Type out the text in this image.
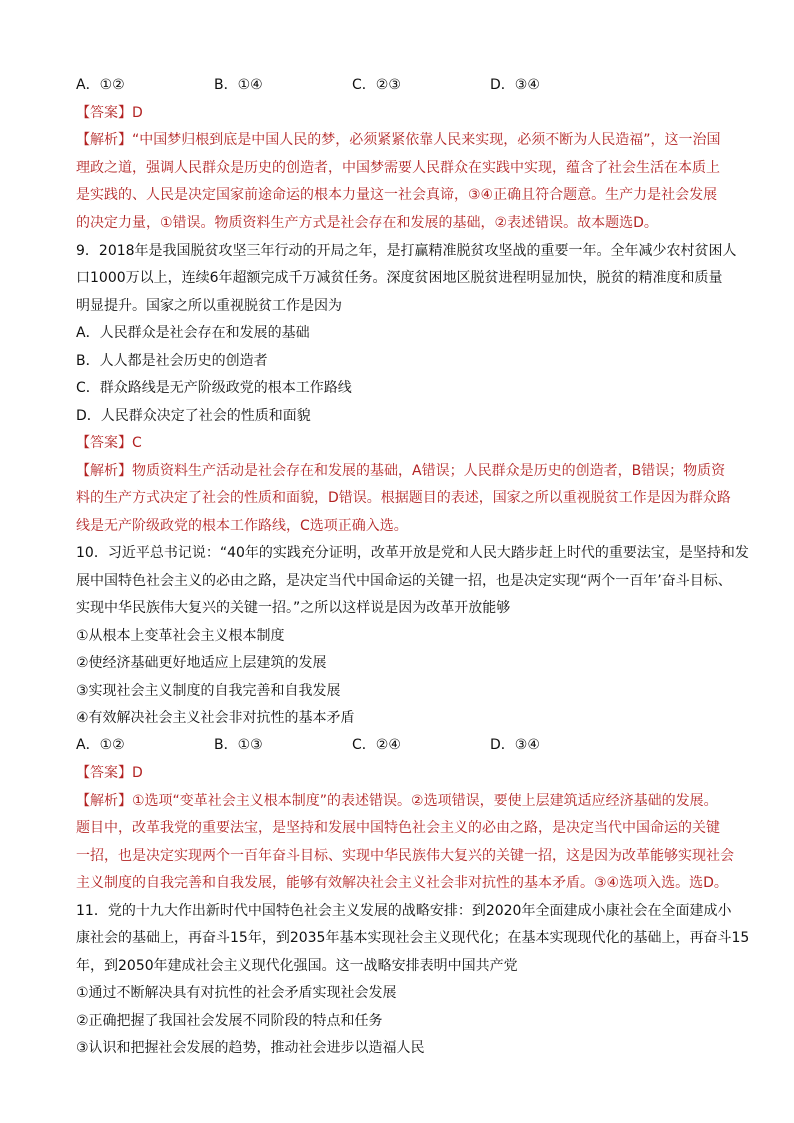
A．①②	B．①④	C．②③	D．③④
【答案】D
【解析】“中国梦归根到底是中国人民的梦，必须紧紧依靠人民来实现，必须不断为人民造福”，这一治国
理政之道，强调人民群众是历史的创造者，中国梦需要人民群众在实践中实现，蕴含了社会生活在本质上
是实践的、人民是决定国家前途命运的根本力量这一社会真谛，③④正确且符合题意。生产力是社会发展
的决定力量，①错误。物质资料生产方式是社会存在和发展的基础，②表述错误。故本题选D。
9．2018年是我国脱贫攻坚三年行动的开局之年，是打赢精准脱贫攻坚战的重要一年。全年减少农村贫困人
口1000万以上，连续6年超额完成千万减贫任务。深度贫困地区脱贫进程明显加快，脱贫的精准度和质量
明显提升。国家之所以重视脱贫工作是因为
A．人民群众是社会存在和发展的基础
B．人人都是社会历史的创造者
C．群众路线是无产阶级政党的根本工作路线
D．人民群众决定了社会的性质和面貌
【答案】C
【解析】物质资料生产活动是社会存在和发展的基础，A错误；人民群众是历史的创造者，B错误；物质资
料的生产方式决定了社会的性质和面貌，D错误。根据题目的表述，国家之所以重视脱贫工作是因为群众路
线是无产阶级政党的根本工作路线，C选项正确入选。
10．习近平总书记说：“40年的实践充分证明，改革开放是党和人民大踏步赶上时代的重要法宝，是坚持和发
展中国特色社会主义的必由之路，是决定当代中国命运的关键一招，也是决定实现“两个一百年’奋斗目标、
实现中华民族伟大复兴的关键一招。”之所以这样说是因为改革开放能够
①从根本上变革社会主义根本制度
②使经济基础更好地适应上层建筑的发展
③实现社会主义制度的自我完善和自我发展
④有效解决社会主义社会非对抗性的基本矛盾
A．①②	B．①③	C．②④	D．③④
【答案】D
【解析】①选项“变革社会主义根本制度”的表述错误。②选项错误，要使上层建筑适应经济基础的发展。
题目中，改革我党的重要法宝，是坚持和发展中国特色社会主义的必由之路，是决定当代中国命运的关键
一招，也是决定实现两个一百年奋斗目标、实现中华民族伟大复兴的关键一招，这是因为改革能够实现社会
主义制度的自我完善和自我发展，能够有效解决社会主义社会非对抗性的基本矛盾。③④选项入选。选D。
11．党的十九大作出新时代中国特色社会主义发展的战略安排：到2020年全面建成小康社会在全面建成小
康社会的基础上，再奋斗15年，到2035年基本实现社会主义现代化；在基本实现现代化的基础上，再奋斗15
年，到2050年建成社会主义现代化强国。这一战略安排表明中国共产党
①通过不断解决具有对抗性的社会矛盾实现社会发展
②正确把握了我国社会发展不同阶段的特点和任务
③认识和把握社会发展的趋势，推动社会进步以造福人民
